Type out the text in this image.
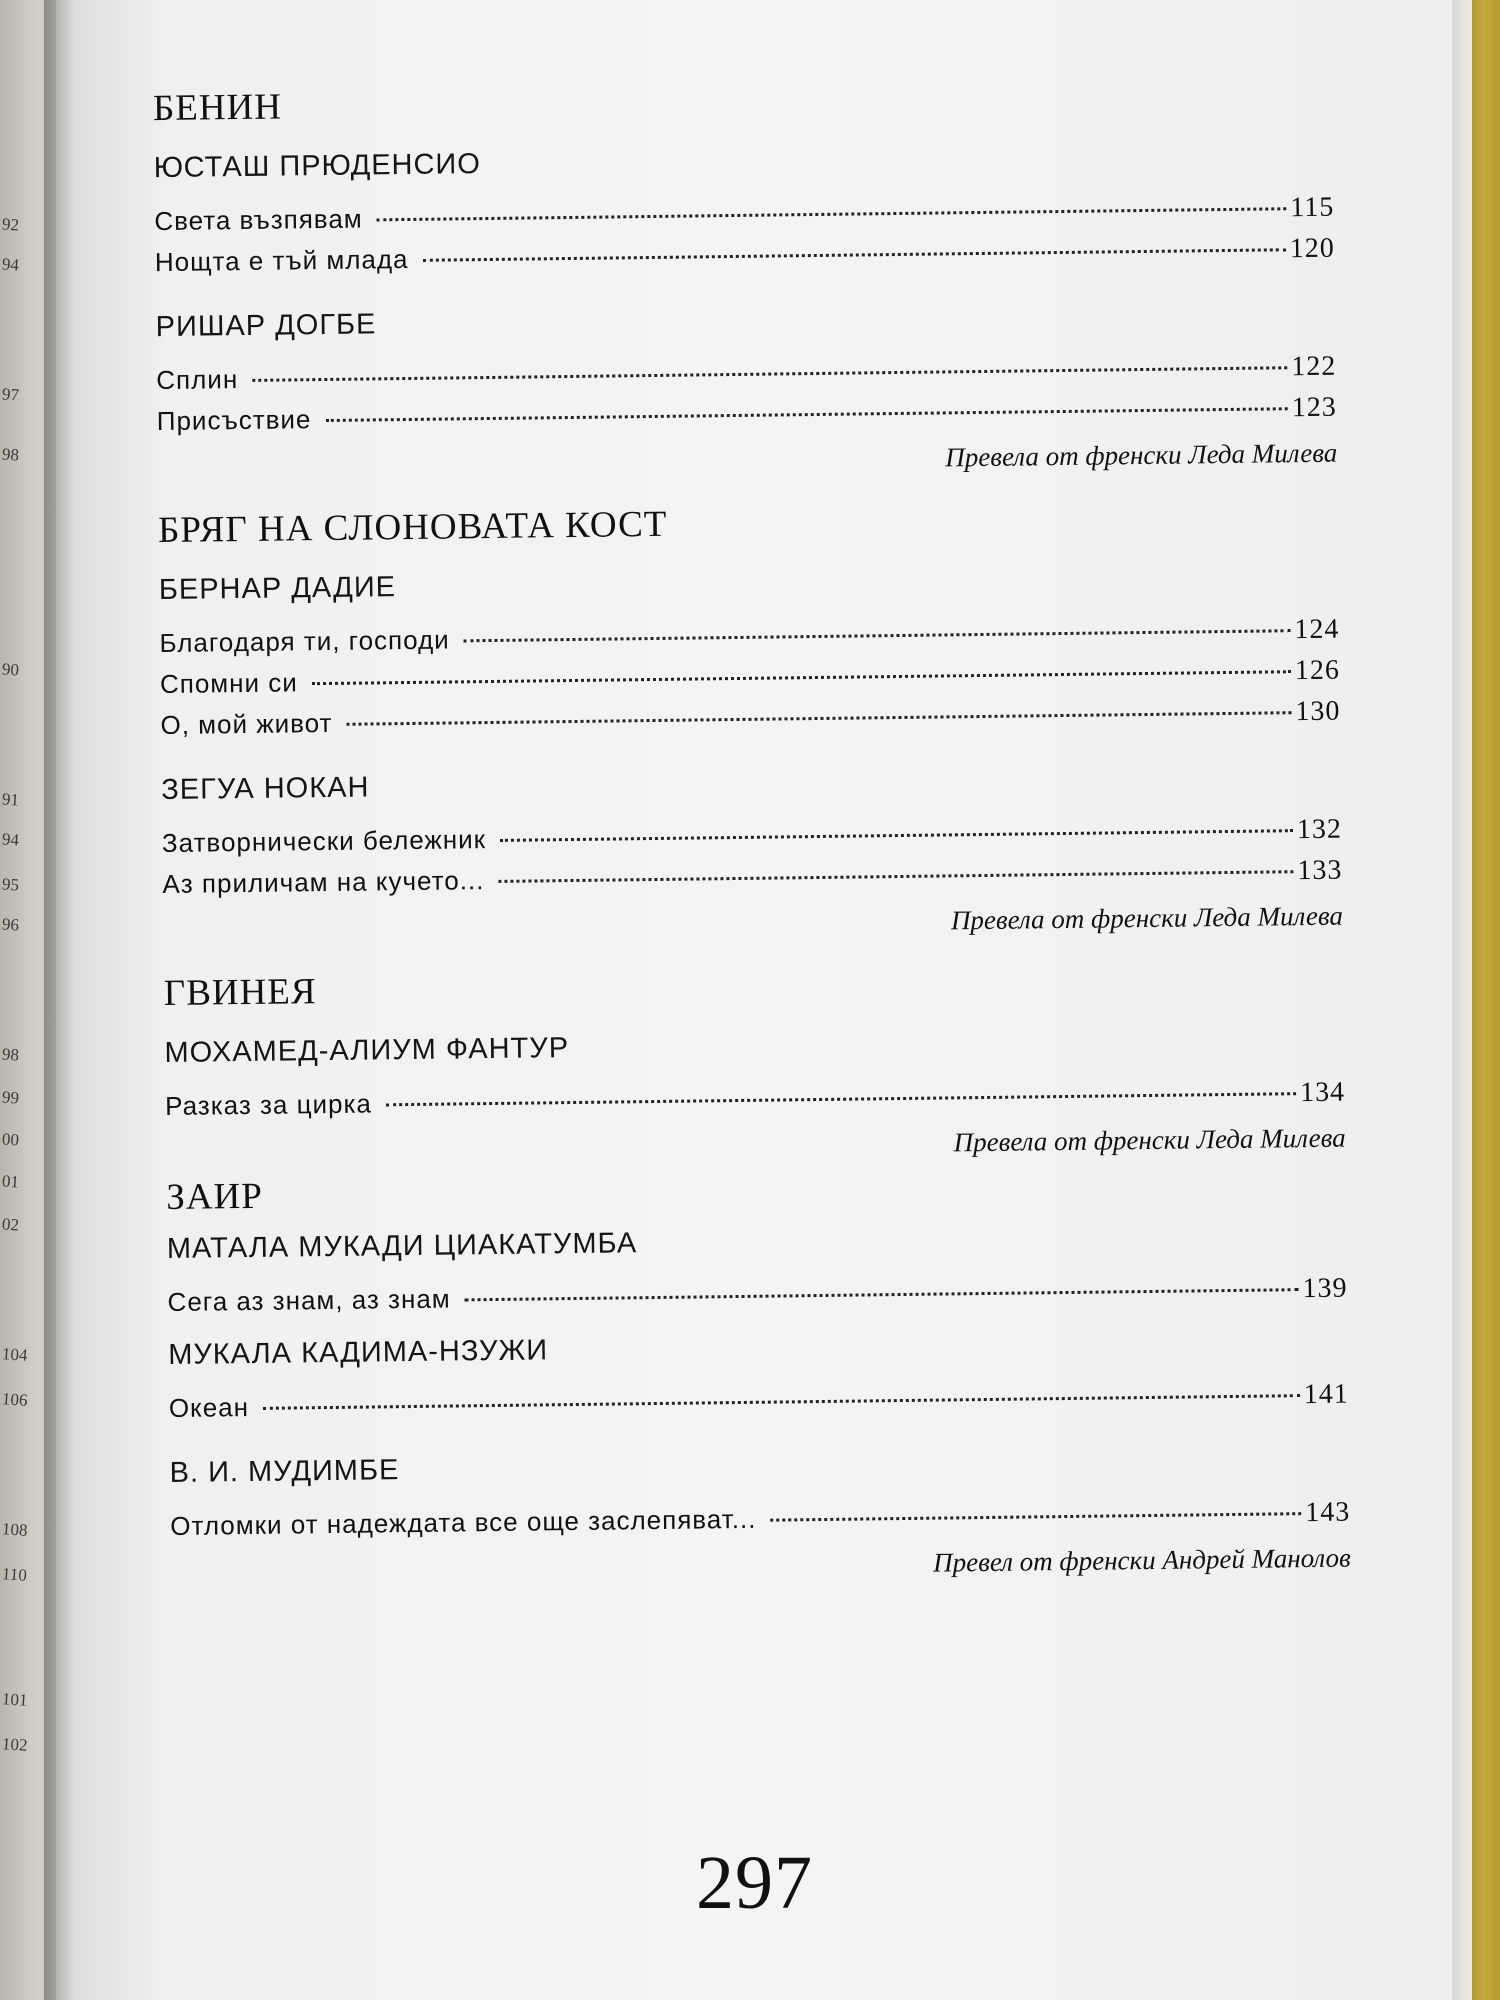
92
94
97
98
90
91
94
95
96
98
99
00
01
02
104
106
108
110
101
102
БЕНИН
ЮСТАШ ПРЮДЕНСИО
Света възпявам	115
Нощта е тъй млада	120
РИШАР ДОГБЕ
Сплин	122
Присъствие	123
Превела от френски Леда Милева
БРЯГ НА СЛОНОВАТА КОСТ
БЕРНАР ДАДИЕ
Благодаря ти, господи	124
Спомни си	126
О, мой живот	130
ЗЕГУА НОКАН
Затворнически бележник	132
Аз приличам на кучето...	133
Превела от френски Леда Милева
ГВИНЕЯ
МОХАМЕД-АЛИУМ ФАНТУР
Разказ за цирка	134
Превела от френски Леда Милева
ЗАИР
МАТАЛА МУКАДИ ЦИАКАТУМБА
Сега аз знам, аз знам	139
МУКАЛА КАДИМА-НЗУЖИ
Океан	141
В. И. МУДИМБЕ
Отломки от надеждата все още заслепяват...	143
Превел от френски Андрей Манолов
297
